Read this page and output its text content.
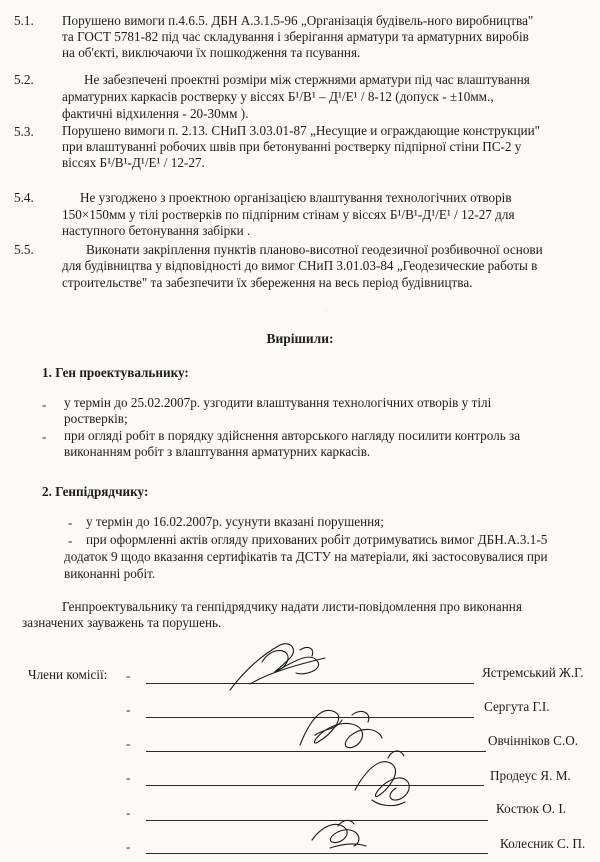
5.1. Порушено вимоги п.4.6.5. ДБН А.3.1.5-96 „Організація будівель-ного виробництва"
та ГОСТ 5781-82 під час складування і зберігання арматури та арматурних виробів
на об'єкті, виключаючи їх пошкодження та псування.
5.2.	Не забезпечені проектні розміри між стержнями арматури під час влаштування
арматурних каркасів ростверку у віссях Б¹/В¹ – Д¹/Е¹ / 8-12 (допуск - ±10мм.,
фактичні відхилення - 20-30мм ).
5.3. Порушено вимоги п. 2.13. СНиП 3.03.01-87 „Несущие и ограждающие конструкции"
при влаштуванні робочих швів при бетонуванні ростверку підпірної стіни ПС-2 у
віссях Б¹/В¹-Д¹/Е¹ / 12-27.
5.4.	Не узгоджено з проектною організацією влаштування технологічних отворів
150×150мм у тілі ростверків по підпірним стінам у віссях Б¹/В¹-Д¹/Е¹ / 12-27 для
наступного бетонування забірки .
5.5.	Виконати закріплення пунктів планово-висотної геодезичної розбивочної основи
для будівництва у відповідності до вимог СНиП 3.01.03-84 „Геодезические работы в
строительстве" та забезпечити їх збереження на весь період будівництва.
·
Вирішили:
1. Ген проектувальнику:
- у термін до 25.02.2007р. узгодити влаштування технологічних отворів у тілі
ростверків;
- при огляді робіт в порядку здійснення авторського нагляду посилити контроль за
виконанням робіт з влаштування арматурних каркасів.
2. Генпідрядчику:
- у термін до 16.02.2007р. усунути вказані порушення;
- при оформленні актів огляду прихованих робіт дотримуватись вимог ДБН.А.3.1-5
додаток 9 щодо вказання сертифікатів та ДСТУ на матеріали, які застосовувалися при
виконанні робіт.
Генпроектувальнику та генпідрядчику надати листи-повідомлення про виконання
зазначених зауважень та порушень.
Члени комісії: -	Ястремський Ж.Г.
-	Сергута Г.І.
-	Овчінніков С.О.
-	Продеус Я. М.
-	Костюк О. І.
-	Колесник С. П.
